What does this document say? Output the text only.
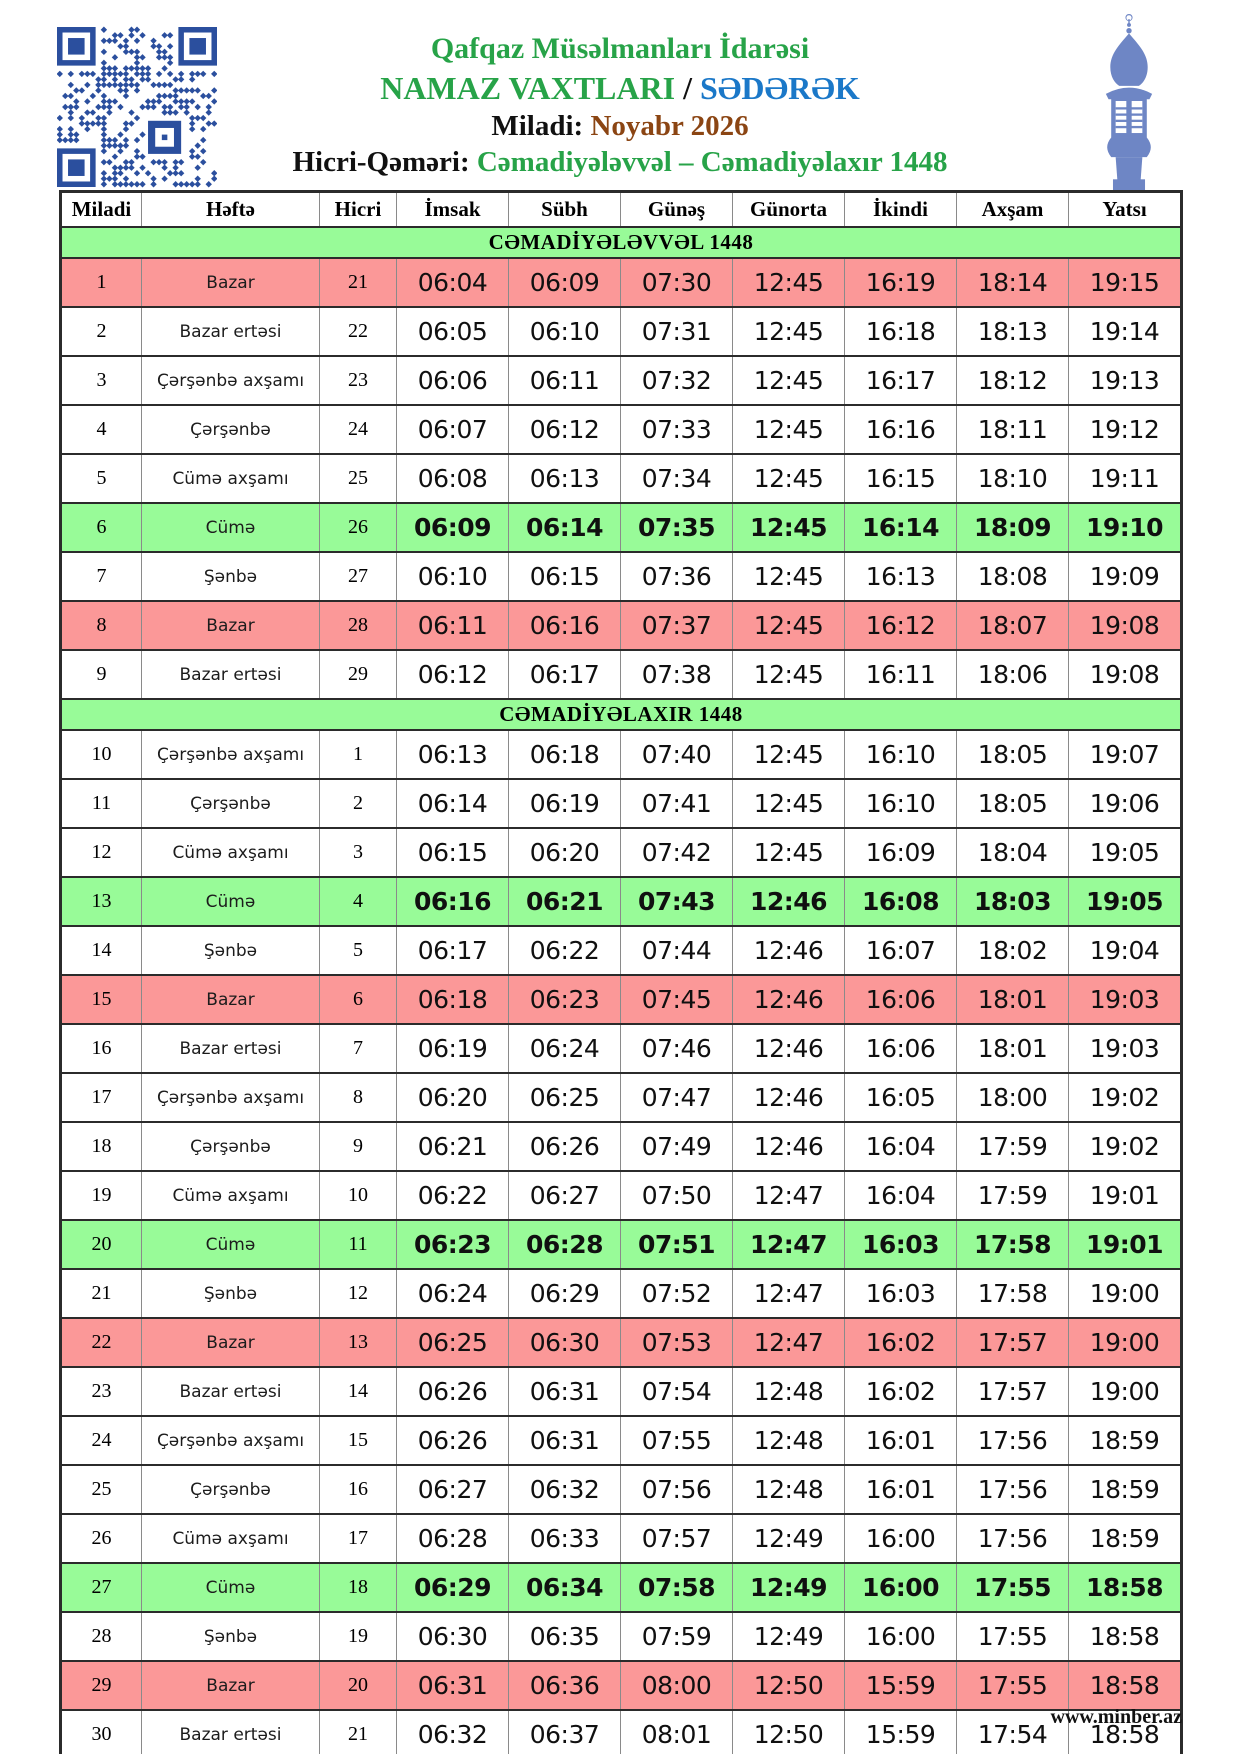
Qafqaz Müsəlmanları İdarəsi
NAMAZ VAXTLARI / SƏDƏRƏK
Miladi: Noyabr 2026
Hicri-Qəməri: Cəmadiyələvvəl – Cəmadiyəlaxır 1448
Miladi	Həftə	Hicri	İmsak	Sübh	Günəş	Günorta	İkindi	Axşam	Yatsı
CƏMADİYƏLƏVVƏL 1448									
1	Bazar	21	06:04	06:09	07:30	12:45	16:19	18:14	19:15
2	Bazar ertəsi	22	06:05	06:10	07:31	12:45	16:18	18:13	19:14
3	Çərşənbə axşamı	23	06:06	06:11	07:32	12:45	16:17	18:12	19:13
4	Çərşənbə	24	06:07	06:12	07:33	12:45	16:16	18:11	19:12
5	Cümə axşamı	25	06:08	06:13	07:34	12:45	16:15	18:10	19:11
6	Cümə	26	06:09	06:14	07:35	12:45	16:14	18:09	19:10
7	Şənbə	27	06:10	06:15	07:36	12:45	16:13	18:08	19:09
8	Bazar	28	06:11	06:16	07:37	12:45	16:12	18:07	19:08
9	Bazar ertəsi	29	06:12	06:17	07:38	12:45	16:11	18:06	19:08
CƏMADİYƏLAXIR 1448									
10	Çərşənbə axşamı	1	06:13	06:18	07:40	12:45	16:10	18:05	19:07
11	Çərşənbə	2	06:14	06:19	07:41	12:45	16:10	18:05	19:06
12	Cümə axşamı	3	06:15	06:20	07:42	12:45	16:09	18:04	19:05
13	Cümə	4	06:16	06:21	07:43	12:46	16:08	18:03	19:05
14	Şənbə	5	06:17	06:22	07:44	12:46	16:07	18:02	19:04
15	Bazar	6	06:18	06:23	07:45	12:46	16:06	18:01	19:03
16	Bazar ertəsi	7	06:19	06:24	07:46	12:46	16:06	18:01	19:03
17	Çərşənbə axşamı	8	06:20	06:25	07:47	12:46	16:05	18:00	19:02
18	Çərşənbə	9	06:21	06:26	07:49	12:46	16:04	17:59	19:02
19	Cümə axşamı	10	06:22	06:27	07:50	12:47	16:04	17:59	19:01
20	Cümə	11	06:23	06:28	07:51	12:47	16:03	17:58	19:01
21	Şənbə	12	06:24	06:29	07:52	12:47	16:03	17:58	19:00
22	Bazar	13	06:25	06:30	07:53	12:47	16:02	17:57	19:00
23	Bazar ertəsi	14	06:26	06:31	07:54	12:48	16:02	17:57	19:00
24	Çərşənbə axşamı	15	06:26	06:31	07:55	12:48	16:01	17:56	18:59
25	Çərşənbə	16	06:27	06:32	07:56	12:48	16:01	17:56	18:59
26	Cümə axşamı	17	06:28	06:33	07:57	12:49	16:00	17:56	18:59
27	Cümə	18	06:29	06:34	07:58	12:49	16:00	17:55	18:58
28	Şənbə	19	06:30	06:35	07:59	12:49	16:00	17:55	18:58
29	Bazar	20	06:31	06:36	08:00	12:50	15:59	17:55	18:58
30	Bazar ertəsi	21	06:32	06:37	08:01	12:50	15:59	17:54	18:58
www.minber.az
